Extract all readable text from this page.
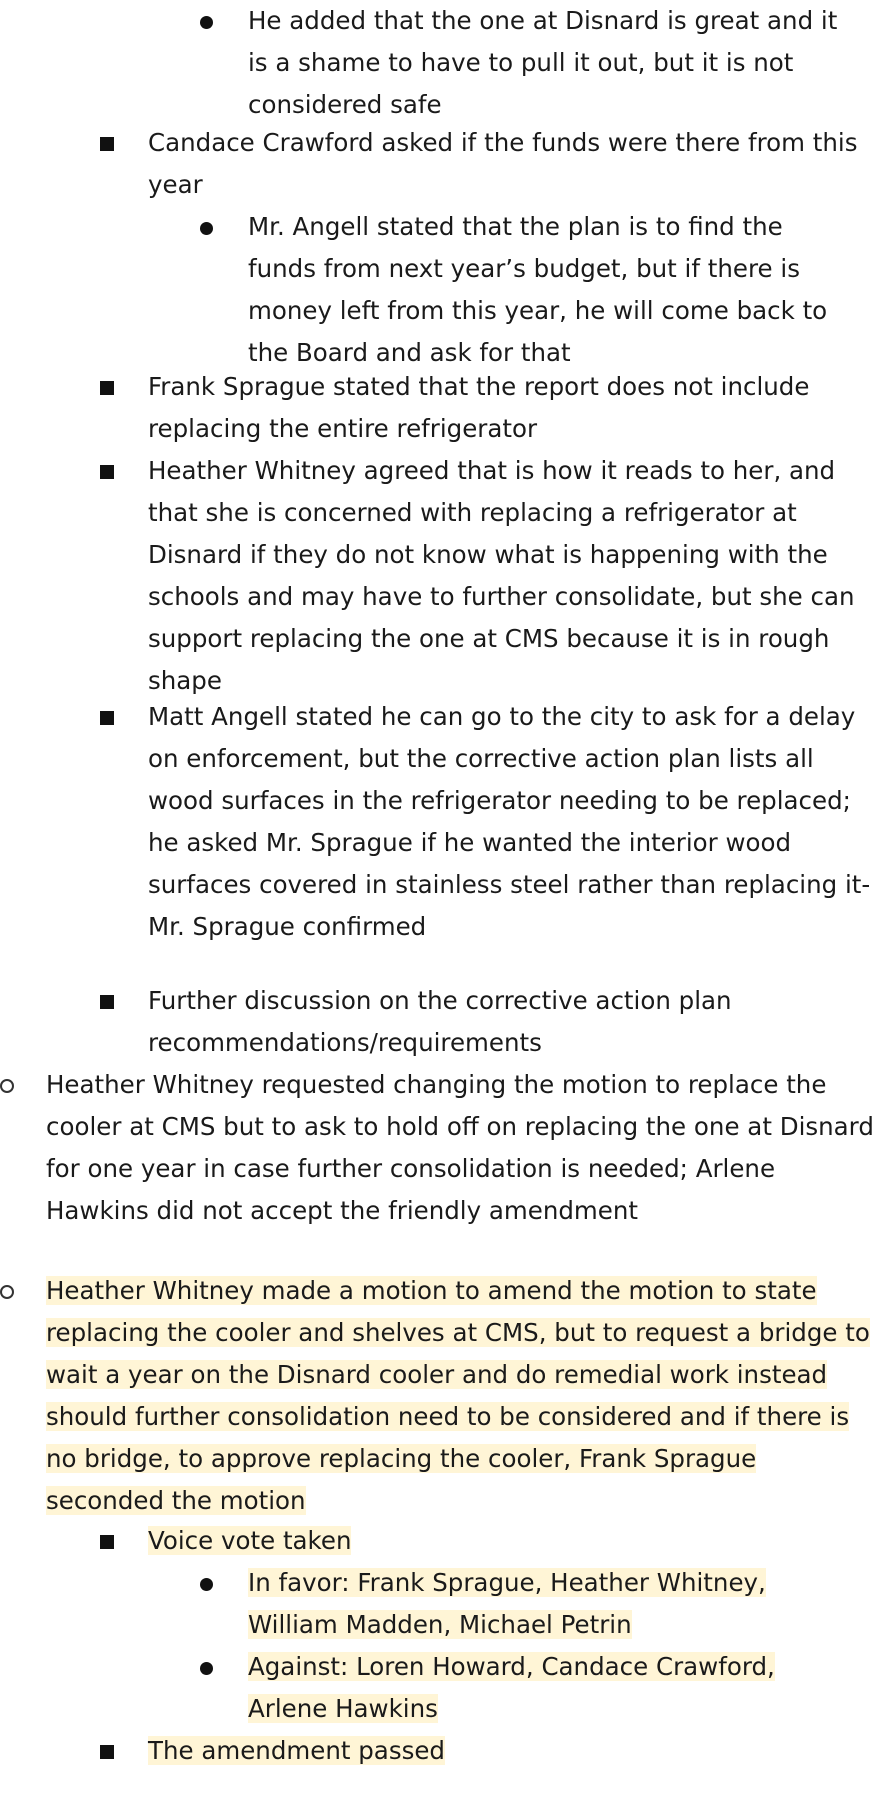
He added that the one at Disnard is great and it is a shame to have to pull it out, but it is not considered safe
Candace Crawford asked if the funds were there from this year
Mr. Angell stated that the plan is to find the funds from next year’s budget, but if there is money left from this year, he will come back to the Board and ask for that
Frank Sprague stated that the report does not include replacing the entire refrigerator
Heather Whitney agreed that is how it reads to her, and that she is concerned with replacing a refrigerator at Disnard if they do not know what is happening with the schools and may have to further consolidate, but she can support replacing the one at CMS because it is in rough shape
Matt Angell stated he can go to the city to ask for a delay on enforcement, but the corrective action plan lists all wood surfaces in the refrigerator needing to be replaced; he asked Mr. Sprague if he wanted the interior wood surfaces covered in stainless steel rather than replacing it- Mr. Sprague confirmed
Further discussion on the corrective action plan recommendations/requirements
Heather Whitney requested changing the motion to replace the cooler at CMS but to ask to hold off on replacing the one at Disnard for one year in case further consolidation is needed; Arlene Hawkins did not accept the friendly amendment
Heather Whitney made a motion to amend the motion to state replacing the cooler and shelves at CMS, but to request a bridge to wait a year on the Disnard cooler and do remedial work instead should further consolidation need to be considered and if there is no bridge, to approve replacing the cooler, Frank Sprague seconded the motion
Voice vote taken
In favor: Frank Sprague, Heather Whitney, William Madden, Michael Petrin
Against: Loren Howard, Candace Crawford, Arlene Hawkins
The amendment passed
